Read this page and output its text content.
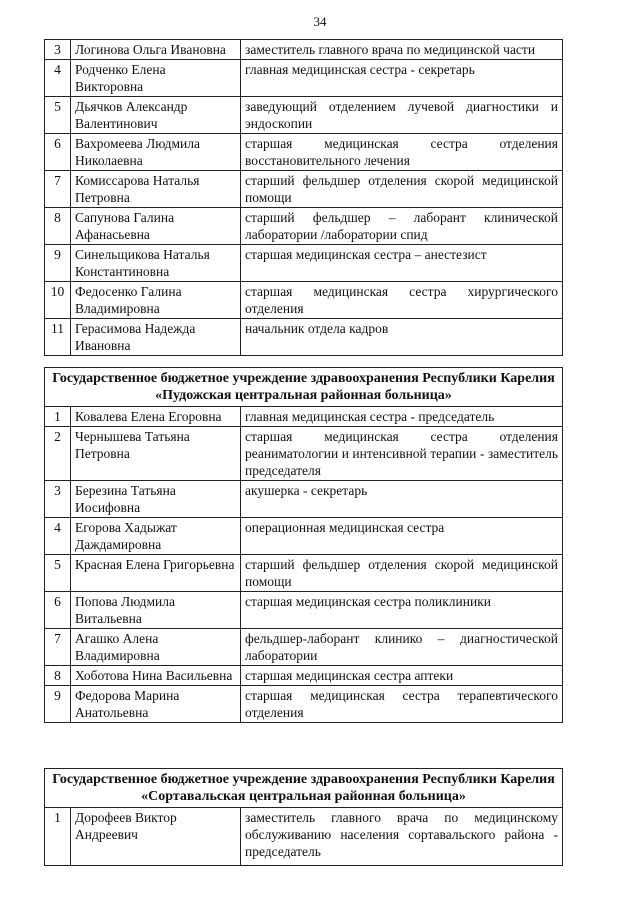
34
3	Логинова Ольга Ивановна	заместитель главного врача по медицинской части
4	Родченко Елена Викторовна	главная медицинская сестра - секретарь
5	Дьячков Александр Валентинович	заведующий отделением лучевой диагностики и эндоскопии
6	Вахромеева Людмила Николаевна	старшая медицинская сестра отделения восстановительного лечения
7	Комиссарова Наталья Петровна	старший фельдшер отделения скорой медицинской помощи
8	Сапунова Галина Афанасьевна	старший фельдшер – лаборант клинической лаборатории /лаборатории спид
9	Синельщикова Наталья Константиновна	старшая медицинская сестра – анестезист
10	Федосенко Галина Владимировна	старшая медицинская сестра хирургического отделения
11	Герасимова Надежда Ивановна	начальник отдела кадров
Государственное бюджетное учреждение здравоохранения Республики Карелия «Пудожская центральная районная больница»		
1	Ковалева Елена Егоровна	главная медицинская сестра - председатель
2	Чернышева Татьяна Петровна	старшая медицинская сестра отделения реаниматологии и интенсивной терапии - заместитель председателя
3	Березина Татьяна Иосифовна	акушерка - секретарь
4	Егорова Хадыжат Даждамировна	операционная медицинская сестра
5	Красная Елена Григорьевна	старший фельдшер отделения скорой медицинской помощи
6	Попова Людмила Витальевна	старшая медицинская сестра поликлиники
7	Агашко Алена Владимировна	фельдшер-лаборант клинико – диагностической лаборатории
8	Хоботова Нина Васильевна	старшая медицинская сестра аптеки
9	Федорова Марина Анатольевна	старшая медицинская сестра терапевтического отделения
Государственное бюджетное учреждение здравоохранения Республики Карелия «Сортавальская центральная районная больница»
1	Дорофеев Виктор Андреевич	заместитель главного врача по медицинскому обслуживанию населения сортавальского района - председатель
